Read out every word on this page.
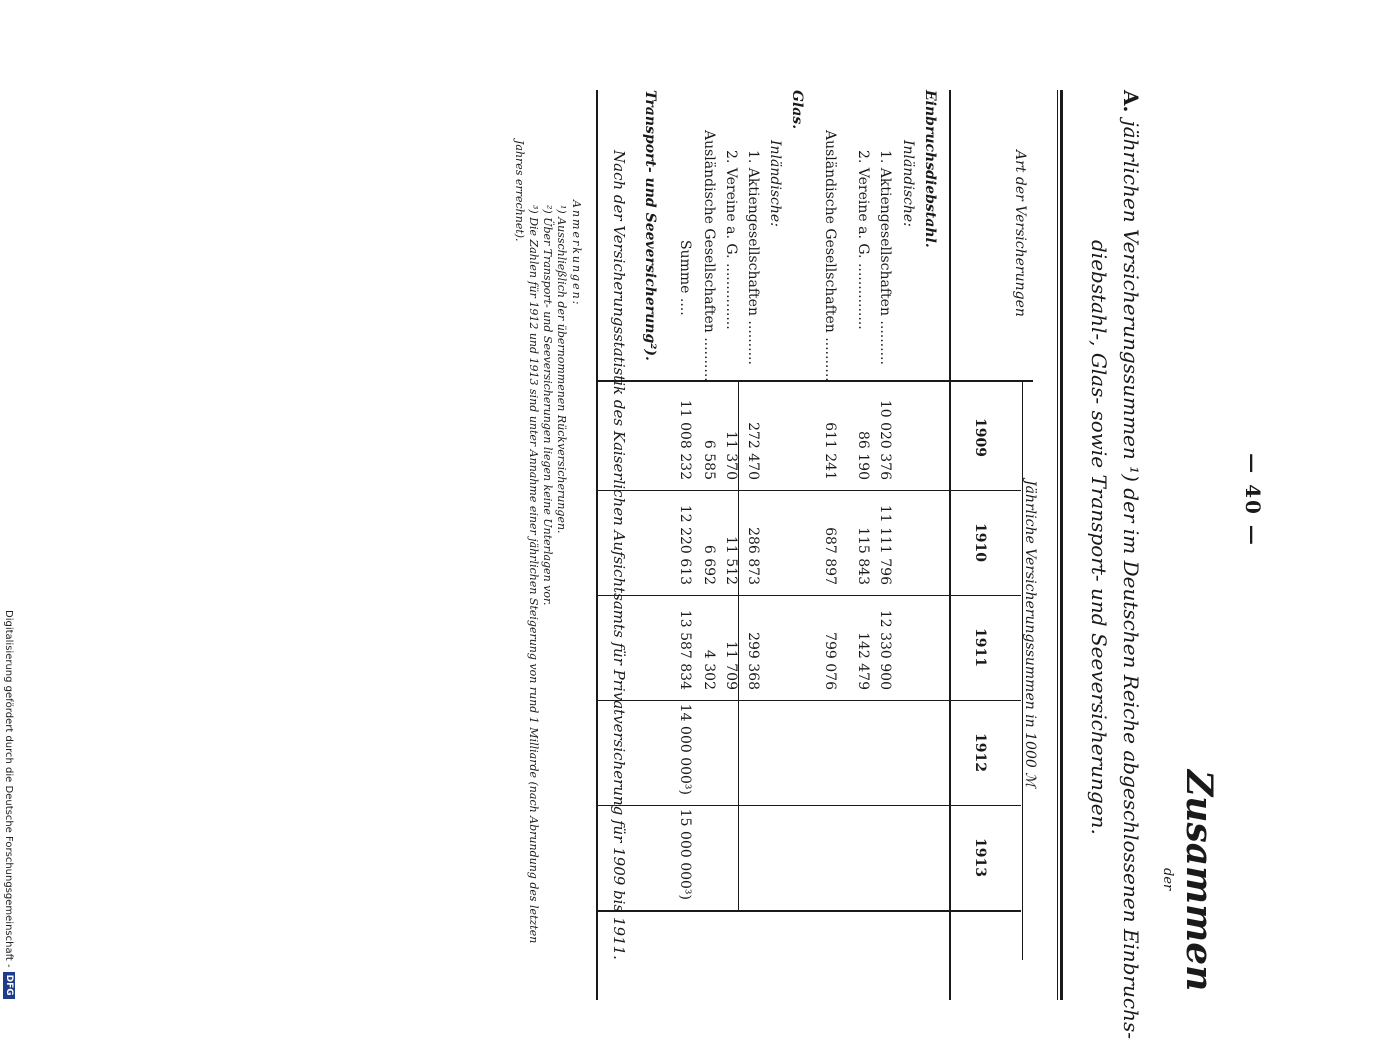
— 40 —
Zusammen
der
A.jährlichen Versicherungssummen ¹) der im Deutschen Reiche abgeschlossenen Einbruchs-
diebstahl-, Glas- sowie Transport- und Seeversicherungen.
Art der Versicherungen
Jährliche Versicherungssummen in 1000 ℳ
1909
1910
1911
1912
1913
Einbruchsdiebstahl.
Inländische:
1. Aktiengesellschaften ..........
10 020 376
11 111 796
12 330 900
2. Vereine a. G. ...............
86 190
115 843
142 479
Ausländische Gesellschaften ..........
611 241
687 897
799 076
Glas.
Inländische:
1. Aktiengesellschaften ..........
272 470
286 873
299 368
2. Vereine a. G. ...............
11 370
11 512
11 709
Ausländische Gesellschaften ..........
6 585
6 692
4 302
Summe ....
11 008 232
12 220 613
13 587 834
14 000 000³)
15 000 000³)
Transport- und Seeversicherung²).
Nach der Versicherungsstatistik des Kaiserlichen Aufsichtsamts für Privatversicherung für 1909 bis 1911.
Anmerkungen:
¹) Ausschließlich der übernommenen Rückversicherungen.
²) Über Transport- und Seeversicherungen liegen keine Unterlagen vor.
³) Die Zahlen für 1912 und 1913 sind unter Annahme einer jährlichen Steigerung von rund 1 Milliarde (nach Abrundung des letzten
Jahres errechnet).
Digitalisierung gefördert durch die Deutsche Forschungsgemeinschaft -
DFG
